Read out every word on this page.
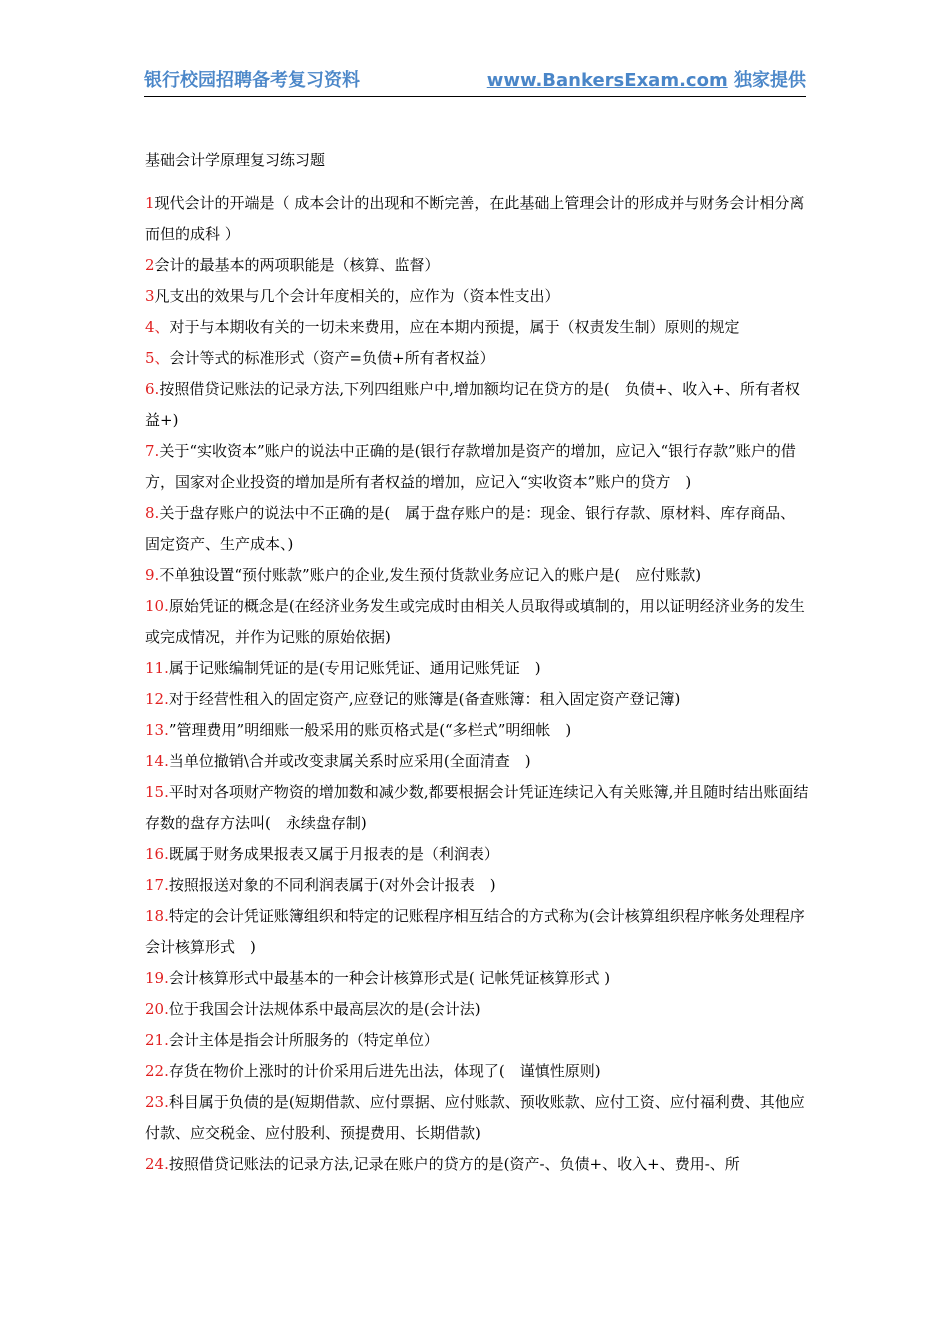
银行校园招聘备考复习资料	www.BankersExam.com 独家提供
基础会计学原理复习练习题

1现代会计的开端是（ 成本会计的出现和不断完善，在此基础上管理会计的形成并与财务会计相分离而但的成科 ）

2会计的最基本的两项职能是（核算、监督）

3凡支出的效果与几个会计年度相关的，应作为（资本性支出）

4、对于与本期收有关的一切未来费用，应在本期内预提，属于（权责发生制）原则的规定

5、会计等式的标准形式（资产=负债+所有者权益）

6.按照借贷记账法的记录方法,下列四组账户中,增加额均记在贷方的是(　负债+、收入+、所有者权益+)

7.关于“实收资本”账户的说法中正确的是(银行存款增加是资产的增加，应记入“银行存款”账户的借方，国家对企业投资的增加是所有者权益的增加，应记入“实收资本”账户的贷方　)

8.关于盘存账户的说法中不正确的是(　属于盘存账户的是：现金、银行存款、原材料、库存商品、固定资产、生产成本、)

9.不单独设置“预付账款”账户的企业,发生预付货款业务应记入的账户是(　应付账款)

10.原始凭证的概念是(在经济业务发生或完成时由相关人员取得或填制的，用以证明经济业务的发生或完成情况，并作为记账的原始依据)

11.属于记账编制凭证的是(专用记账凭证、通用记账凭证　)

12.对于经营性租入的固定资产,应登记的账簿是(备查账簿：租入固定资产登记簿)

13.”管理费用”明细账一般采用的账页格式是(“多栏式”明细帐　)

14.当单位撤销\合并或改变隶属关系时应采用(全面清查　)

15.平时对各项财产物资的增加数和减少数,都要根据会计凭证连续记入有关账簿,并且随时结出账面结存数的盘存方法叫(　永续盘存制)

16.既属于财务成果报表又属于月报表的是（利润表）

17.按照报送对象的不同利润表属于(对外会计报表　)

18.特定的会计凭证账簿组织和特定的记账程序相互结合的方式称为(会计核算组织程序帐务处理程序会计核算形式　)

19.会计核算形式中最基本的一种会计核算形式是( 记帐凭证核算形式 )

20.位于我国会计法规体系中最高层次的是(会计法)

21.会计主体是指会计所服务的（特定单位）

22.存货在物价上涨时的计价采用后进先出法，体现了(　谨慎性原则)

23.科目属于负债的是(短期借款、应付票据、应付账款、预收账款、应付工资、应付福利费、其他应付款、应交税金、应付股利、预提费用、长期借款)

24.按照借贷记账法的记录方法,记录在账户的贷方的是(资产-、负债+、收入+、费用-、所
